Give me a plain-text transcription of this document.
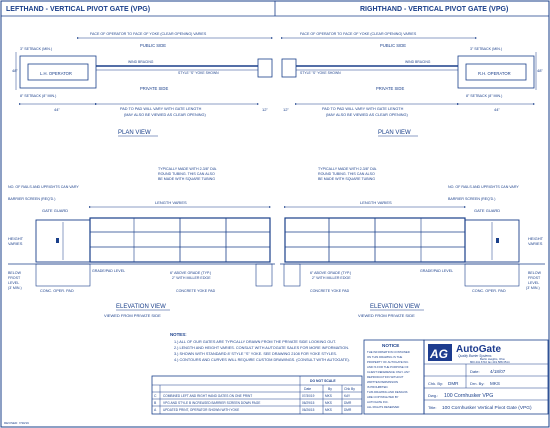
LEFTHAND - VERTICAL PIVOT GATE (VPG)	RIGHTHAND - VERTICAL PIVOT GATE (VPG)
FACE OF OPERATOR TO FACE OF YOKE (CLEAR OPENING) VARIES
PUBLIC SIDE
3" SETBACK (MIN.)
L.H. OPERATOR
WIND BRACING
STYLE "S" YOKE SHOWN
48"
8" SETBACK (8" MIN.)
PRIVATE SIDE
44"	12"
PAD TO PAD WILL VARY WITH GATE LENGTH
(MAY ALSO BE VIEWED AS CLEAR OPENING)
PLAN VIEW
FACE OF OPERATOR TO FACE OF YOKE (CLEAR OPENING) VARIES
PUBLIC SIDE
3" SETBACK (MIN.)
STYLE "S" YOKE SHOWN
WIND BRACING
R.H. OPERATOR
48"
8" SETBACK (8" MIN.)
PRIVATE SIDE
44"
12"	PAD TO PAD WILL VARY WITH GATE LENGTH
(MAY ALSO BE VIEWED AS CLEAR OPENING)
PLAN VIEW
TYPICALLY MADE WITH 2-3/8" DIA.
ROUND TUBING. THIS CAN ALSO
BE MADE WITH SQUARE TUBING
NO. OF RAILS AND UPRIGHTS CAN VARY
BARRIER SCREEN (REQ'D.)
LENGTH VARIES
GATE GUARD
HEIGHT
VARIES
GRADE/PAD LEVEL
BELOW
FROST
LEVEL
(3' MIN.)
CONC. OPER. PAD
6" ABOVE GRADE (TYP.)
2" WITH MILLER EDGE
CONCRETE YOKE PAD
ELEVATION VIEW
VIEWED FROM PRIVATE SIDE
TYPICALLY MADE WITH 2-3/8" DIA.
ROUND TUBING. THIS CAN ALSO
BE MADE WITH SQUARE TUBING
NO. OF RAILS AND UPRIGHTS CAN VARY
BARRIER SCREEN (REQ'D.)
LENGTH VARIES
GATE GUARD
HEIGHT
VARIES
GRADE/PAD LEVEL	BELOW
FROST
LEVEL
(3' MIN.)
CONC. OPER. PAD
6" ABOVE GRADE (TYP.)
2" WITH MILLER EDGE
CONCRETE YOKE PAD
ELEVATION VIEW
VIEWED FROM PRIVATE SIDE
NOTES:
1.) ALL OF OUR GATES ARE TYPICALLY DRAWN FROM THE PRIVATE SIDE LOOKING OUT.
2.) LENGTH AND HEIGHT VARIES. CONSULT WITH AUTOGATE SALES FOR MORE INFORMATION.
3.) SHOWN WITH STANDARD 8' STYLE "S" YOKE. SEE DRAWING 2108 FOR YOKE STYLES.
4.) CONTOURS AND CURVES WILL REQUIRE CUSTOM DRAWINGS. (CONSULT WITH AUTOGATE).
DO NOT SCALE
Date	By	Chk By
C COMBINED LEFT AND RIGHT HAND GATES ON ONE PRINT	07/30/19	MKS	KAY
B VPG AND STYLE B INCREASED BARRIER SCREEN DOWN PAGE	06/29/15	MKS	DMR
A UPDATED PRINT, OPERATOR SHOWN WITH YOKE	06/26/15	MKS	DMR
NOTICE
THE INFORMATION CONTAINED
ON THIS DRAWING IS THE
PROPERTY OF AUTOGATE INC.
AND IS FOR THE PURPOSE OF
CLIENT REFERENCE ONLY. ANY
REPRODUCTION WITHOUT
WRITTEN PERMISSION
IS PROHIBITED.
THIS DRAWING AND DESIGNS
ARE COPYRIGHTED BY
AUTOGATE INC.
ALL RIGHTS RESERVED
AG AutoGate
Quality Barrier Systems
Berlin Heights, Ohio
800.441.6710 fax 419.588.3514
Date: 4/18/07
Drn. By: MKS
Chk. By: DMR
Dwg.: 100 Cornhusker VPG
Title: 100 Cornhusker Vertical Pivot Gate (VPG)
REVISED: 7/30/19
